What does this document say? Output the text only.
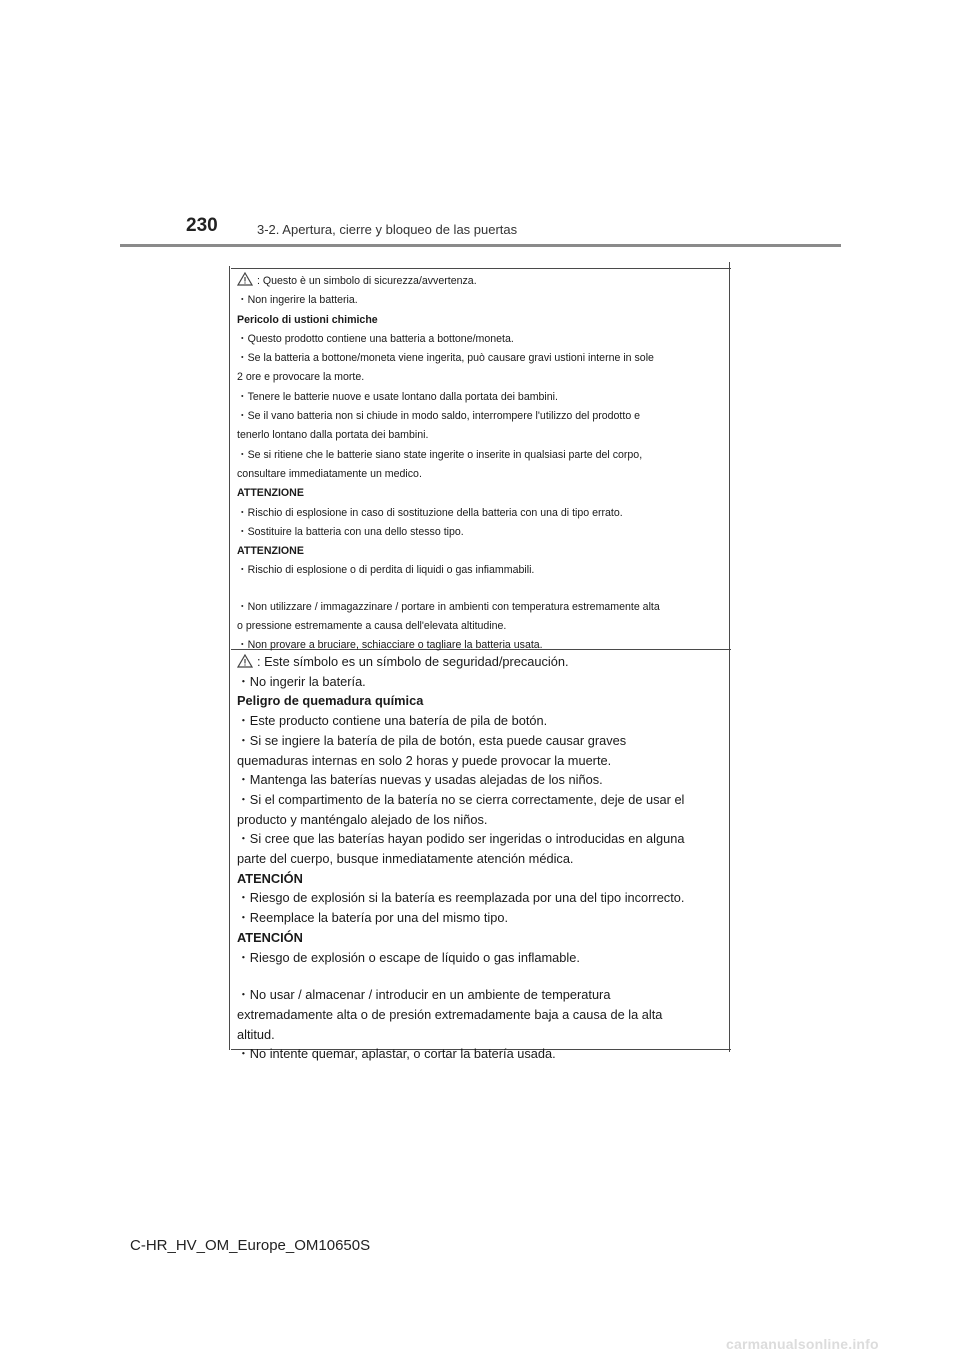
230	3-2. Apertura, cierre y bloqueo de las puertas
: Questo è un simbolo di sicurezza/avvertenza.
・Non ingerire la batteria.
Pericolo di ustioni chimiche
・Questo prodotto contiene una batteria a bottone/moneta.
・Se la batteria a bottone/moneta viene ingerita, può causare gravi ustioni interne in sole
2 ore e provocare la morte.
・Tenere le batterie nuove e usate lontano dalla portata dei bambini.
・Se il vano batteria non si chiude in modo saldo, interrompere l'utilizzo del prodotto e
tenerlo lontano dalla portata dei bambini.
・Se si ritiene che le batterie siano state ingerite o inserite in qualsiasi parte del corpo,
consultare immediatamente un medico.
ATTENZIONE
・Rischio di esplosione in caso di sostituzione della batteria con una di tipo errato.
・Sostituire la batteria con una dello stesso tipo.
ATTENZIONE
・Rischio di esplosione o di perdita di liquidi o gas infiammabili.
・Non utilizzare / immagazzinare / portare in ambienti con temperatura estremamente alta
o pressione estremamente a causa dell'elevata altitudine.
・Non provare a bruciare, schiacciare o tagliare la batteria usata.
: Este símbolo es un símbolo de seguridad/precaución.
・No ingerir la batería.
Peligro de quemadura química
・Este producto contiene una batería de pila de botón.
・Si se ingiere la batería de pila de botón, esta puede causar graves
quemaduras internas en solo 2 horas y puede provocar la muerte.
・Mantenga las baterías nuevas y usadas alejadas de los niños.
・Si el compartimento de la batería no se cierra correctamente, deje de usar el
producto y manténgalo alejado de los niños.
・Si cree que las baterías hayan podido ser ingeridas o introducidas en alguna
parte del cuerpo, busque inmediatamente atención médica.
ATENCIÓN
・Riesgo de explosión si la batería es reemplazada por una del tipo incorrecto.
・Reemplace la batería por una del mismo tipo.
ATENCIÓN
・Riesgo de explosión o escape de líquido o gas inflamable.
・No usar / almacenar / introducir en un ambiente de temperatura
extremadamente alta o de presión extremadamente baja a causa de la alta
altitud.
・No intente quemar, aplastar, o cortar la batería usada.
C-HR_HV_OM_Europe_OM10650S
carmanualsonline.info
